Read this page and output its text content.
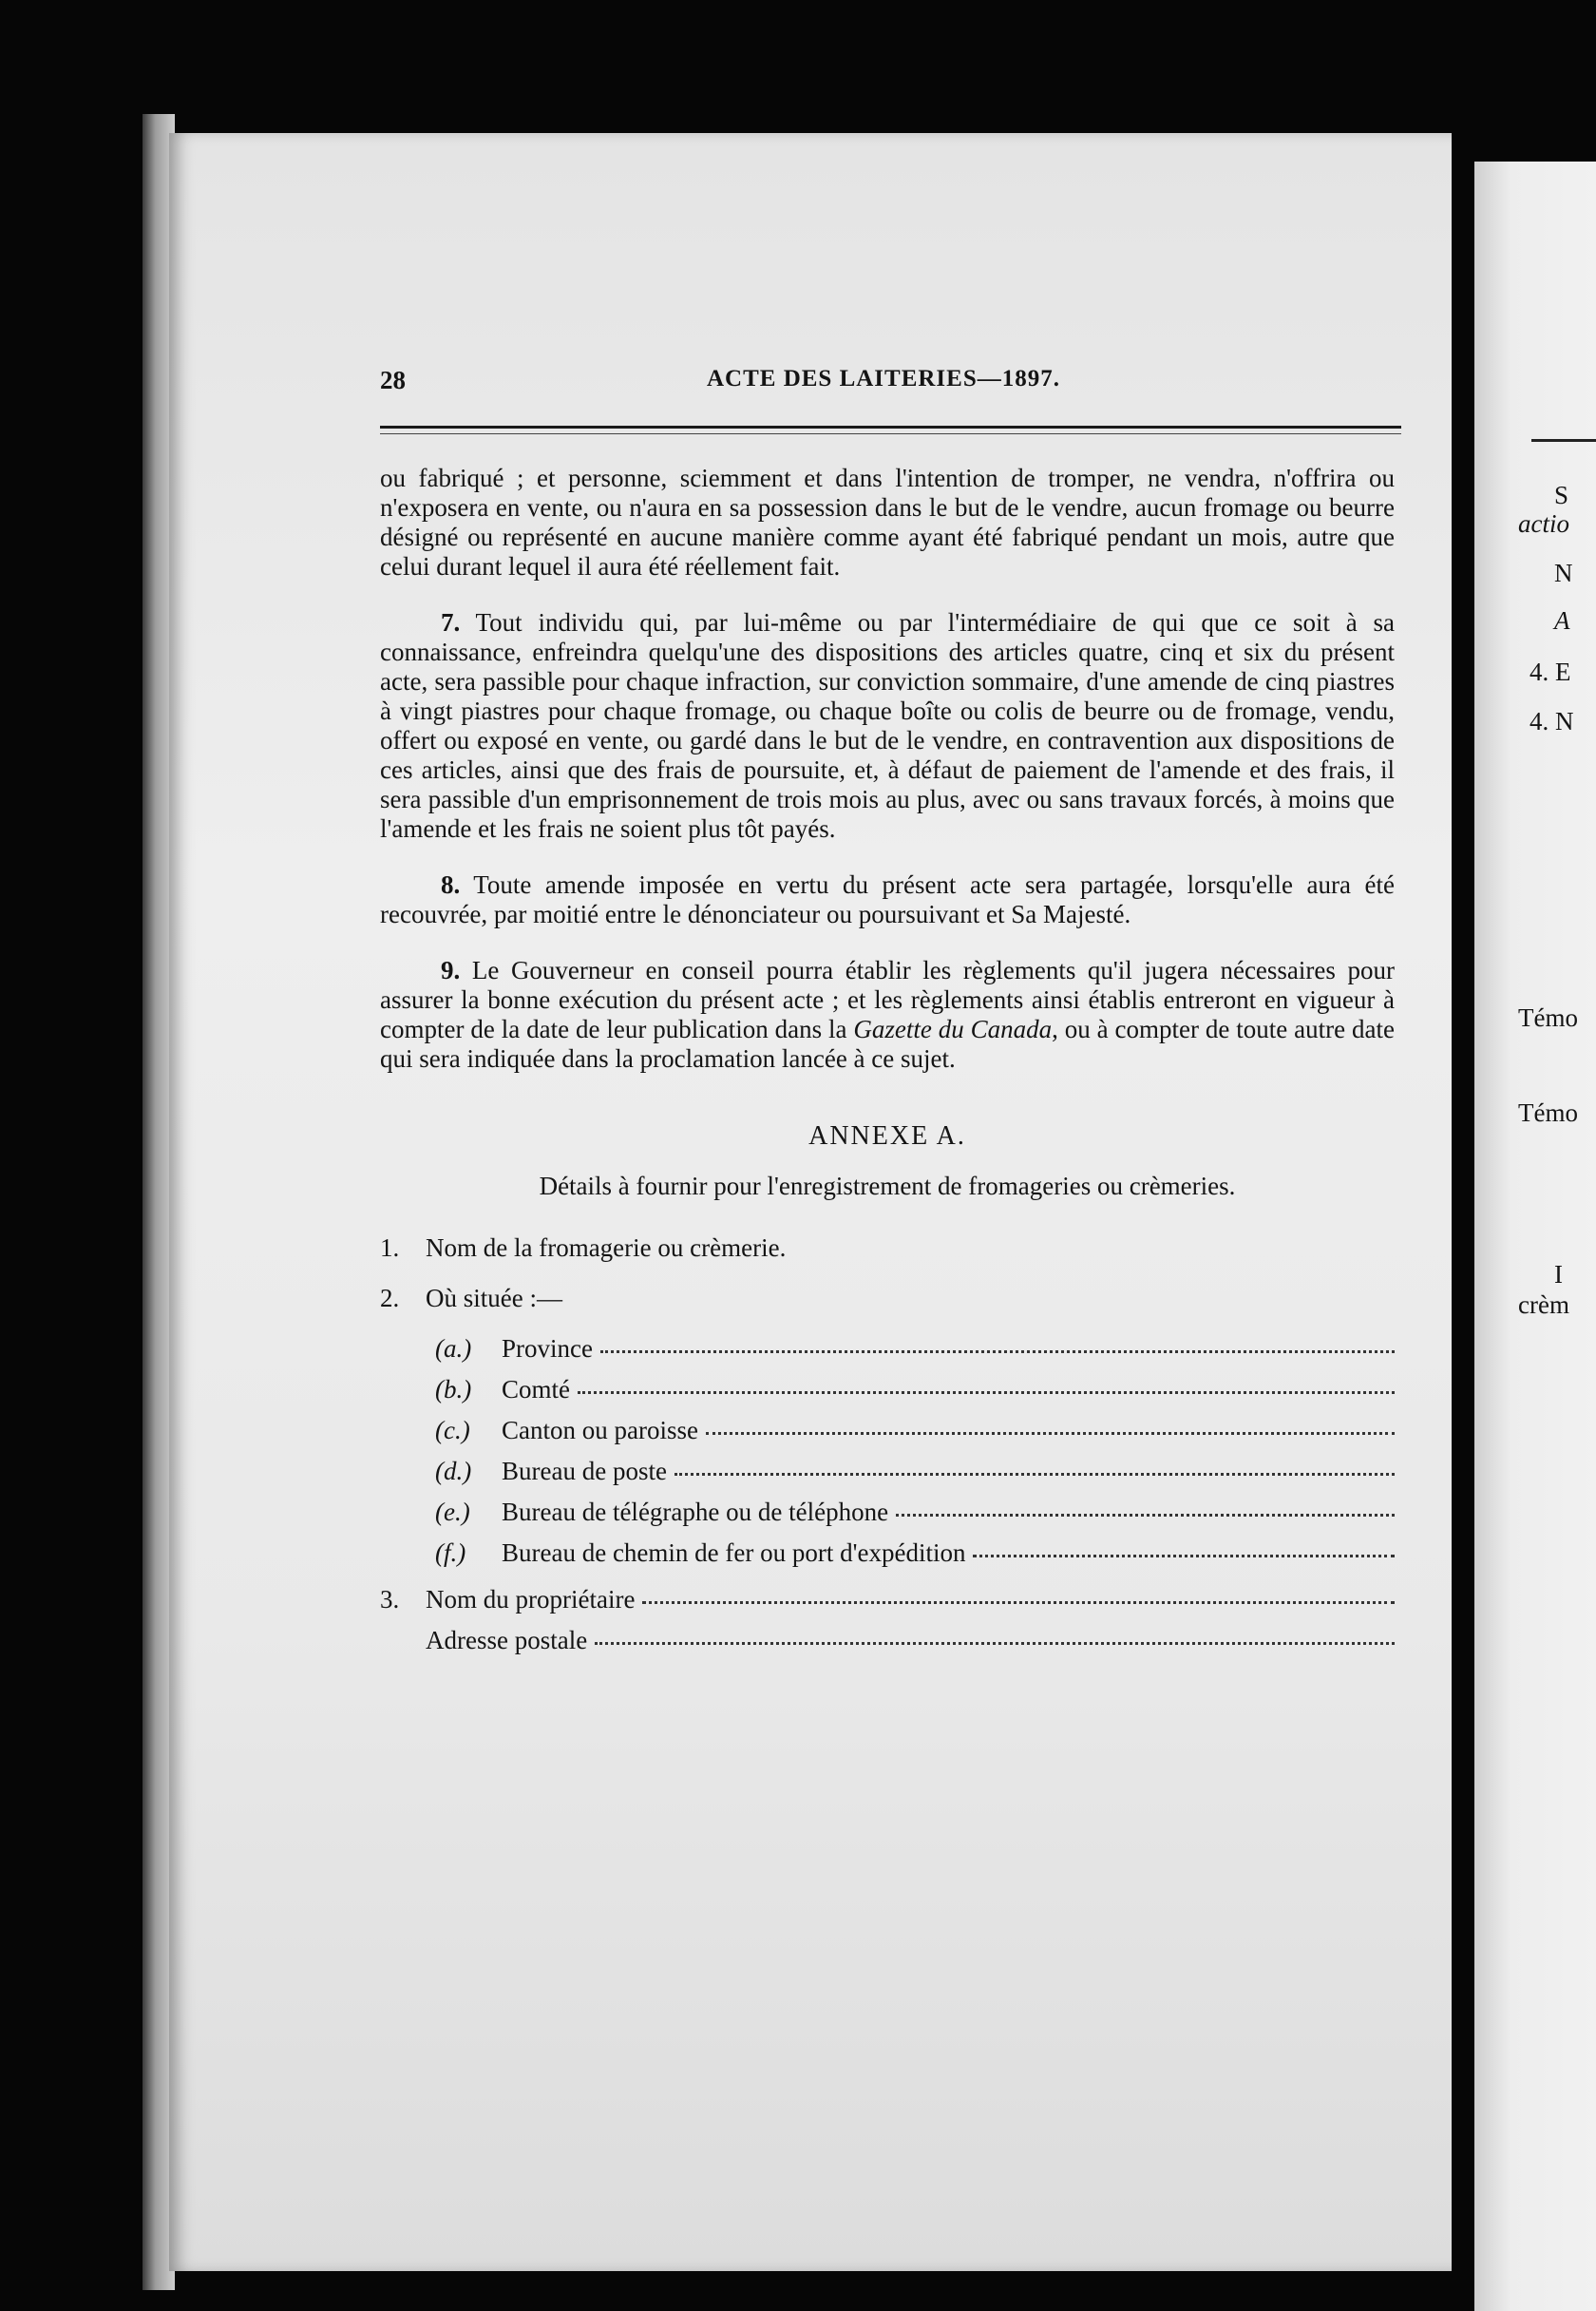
28	ACTE DES LAITERIES—1897.

ou fabriqué ; et personne, sciemment et dans l'intention de tromper, ne vendra, n'offrira ou n'exposera en vente, ou n'aura en sa possession dans le but de le vendre, aucun fromage ou beurre désigné ou représenté en aucune manière comme ayant été fabriqué pendant un mois, autre que celui durant lequel il aura été réellement fait.

7. Tout individu qui, par lui-même ou par l'intermédiaire de qui que ce soit à sa connaissance, enfreindra quelqu'une des dispositions des articles quatre, cinq et six du présent acte, sera passible pour chaque infraction, sur conviction sommaire, d'une amende de cinq piastres à vingt piastres pour chaque fromage, ou chaque boîte ou colis de beurre ou de fromage, vendu, offert ou exposé en vente, ou gardé dans le but de le vendre, en contravention aux dispositions de ces articles, ainsi que des frais de poursuite, et, à défaut de paiement de l'amende et des frais, il sera passible d'un emprisonnement de trois mois au plus, avec ou sans travaux forcés, à moins que l'amende et les frais ne soient plus tôt payés.

8. Toute amende imposée en vertu du présent acte sera partagée, lorsqu'elle aura été recouvrée, par moitié entre le dénonciateur ou poursuivant et Sa Majesté.

9. Le Gouverneur en conseil pourra établir les règlements qu'il jugera nécessaires pour assurer la bonne exécution du présent acte ; et les règlements ainsi établis entreront en vigueur à compter de la date de leur publication dans la Gazette du Canada, ou à compter de toute autre date qui sera indiquée dans la proclamation lancée à ce sujet.

ANNEXE A.
Détails à fournir pour l'enregistrement de fromageries ou crèmeries.
1.	Nom de la fromagerie ou crèmerie.
2.	Où située :—
(a.)	Province
(b.)	Comté
(c.)	Canton ou paroisse
(d.)	Bureau de poste
(e.)	Bureau de télégraphe ou de téléphone
(f.)	Bureau de chemin de fer ou port d'expédition
3.	Nom du propriétaire
Adresse postale
S
actio
N
A
4. E
4. N
Témo
Témo
I
crèm
